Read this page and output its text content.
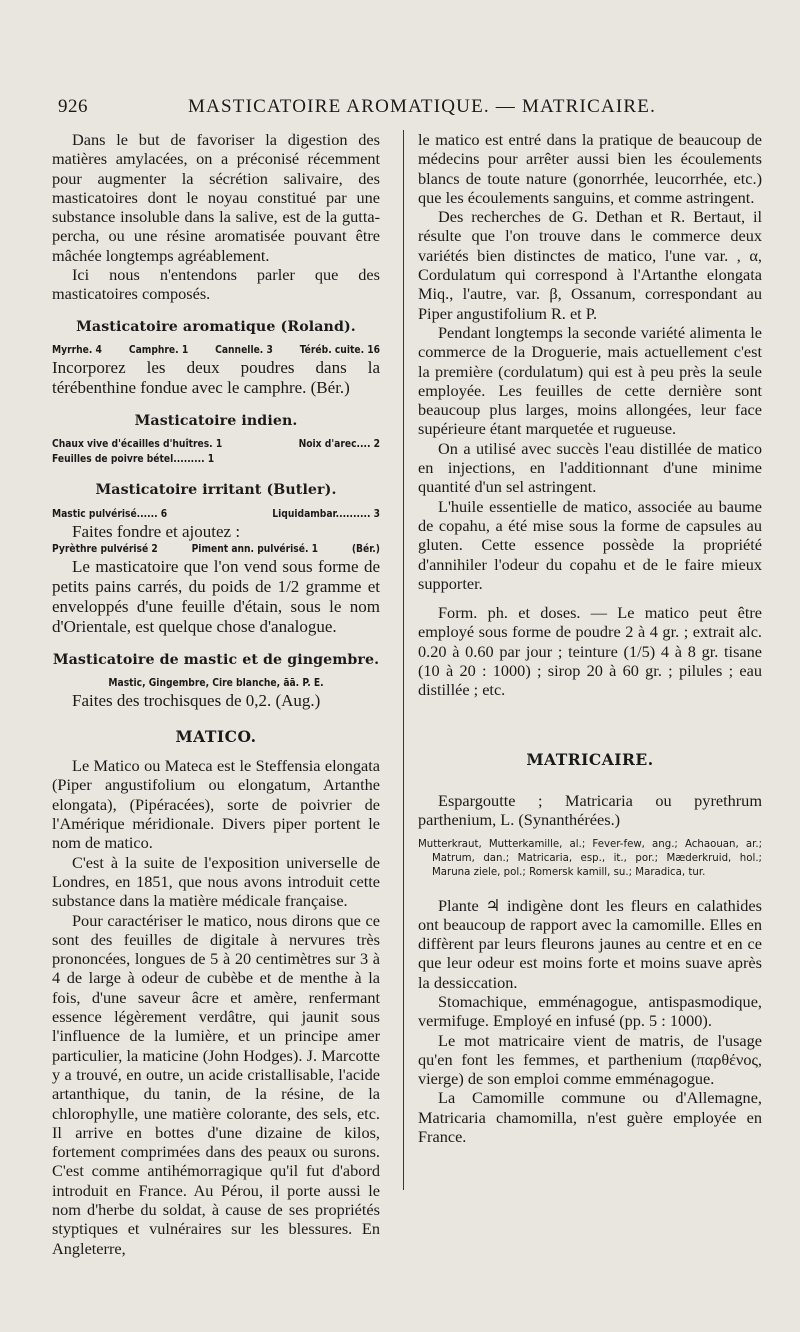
926	MASTICATOIRE AROMATIQUE. — MATRICAIRE.

Dans le but de favoriser la digestion des matières amylacées, on a préconisé récemment pour augmenter la sécrétion salivaire, des masticatoires dont le noyau constitué par une substance insoluble dans la salive, est de la gutta-percha, ou une résine aromatisée pouvant être mâchée longtemps agréablement.

Ici nous n'entendons parler que des masticatoires composés.

Masticatoire aromatique (Roland).
Myrrhe. 4	Camphre. 1	Cannelle. 3	Téréb. cuite. 16

Incorporez les deux poudres dans la térébenthine fondue avec le camphre. (Bér.)

Masticatoire indien.
Chaux vive d'écailles d'huîtres. 1	Noix d'arec.... 2
Feuilles de poivre bétel......... 1
Masticatoire irritant (Butler).
Mastic pulvérisé...... 6	Liquidambar.......... 3

Faites fondre et ajoutez :

Pyrèthre pulvérisé 2	Piment ann. pulvérisé. 1	(Bér.)

Le masticatoire que l'on vend sous forme de petits pains carrés, du poids de 1/2 gramme et enveloppés d'une feuille d'étain, sous le nom d'Orientale, est quelque chose d'analogue.

Masticatoire de mastic et de gingembre.
Mastic, Gingembre, Cire blanche, āā. P. E.

Faites des trochisques de 0,2. (Aug.)

MATICO.

Le Matico ou Mateca est le Steffensia elongata (Piper angustifolium ou elongatum, Artanthe elongata), (Pipéracées), sorte de poivrier de l'Amérique méridionale. Divers piper portent le nom de matico.

C'est à la suite de l'exposition universelle de Londres, en 1851, que nous avons introduit cette substance dans la matière médicale française.

Pour caractériser le matico, nous dirons que ce sont des feuilles de digitale à nervures très prononcées, longues de 5 à 20 centimètres sur 3 à 4 de large à odeur de cubèbe et de menthe à la fois, d'une saveur âcre et amère, renfermant essence légèrement verdâtre, qui jaunit sous l'influence de la lumière, et un principe amer particulier, la maticine (John Hodges). J. Marcotte y a trouvé, en outre, un acide cristallisable, l'acide artanthique, du tanin, de la résine, de la chlorophylle, une matière colorante, des sels, etc. Il arrive en bottes d'une dizaine de kilos, fortement comprimées dans des peaux ou surons. C'est comme antihémorragique qu'il fut d'abord introduit en France. Au Pérou, il porte aussi le nom d'herbe du soldat, à cause de ses propriétés styptiques et vulnéraires sur les blessures. En Angleterre,

le matico est entré dans la pratique de beaucoup de médecins pour arrêter aussi bien les écoulements blancs de toute nature (gonorrhée, leucorrhée, etc.) que les écoulements sanguins, et comme astringent.

Des recherches de G. Dethan et R. Bertaut, il résulte que l'on trouve dans le commerce deux variétés bien distinctes de matico, l'une var. , α, Cordulatum qui correspond à l'Artanthe elongata Miq., l'autre, var. β, Ossanum, correspondant au Piper angustifolium R. et P.

Pendant longtemps la seconde variété alimenta le commerce de la Droguerie, mais actuellement c'est la première (cordulatum) qui est à peu près la seule employée. Les feuilles de cette dernière sont beaucoup plus larges, moins allongées, leur face supérieure étant marquetée et rugueuse.

On a utilisé avec succès l'eau distillée de matico en injections, en l'additionnant d'une minime quantité d'un sel astringent.

L'huile essentielle de matico, associée au baume de copahu, a été mise sous la forme de capsules au gluten. Cette essence possède la propriété d'annihiler l'odeur du copahu et de le faire mieux supporter.

Form. ph. et doses. — Le matico peut être employé sous forme de poudre 2 à 4 gr. ; extrait alc. 0.20 à 0.60 par jour ; teinture (1/5) 4 à 8 gr. tisane (10 à 20 : 1000) ; sirop 20 à 60 gr. ; pilules ; eau distillée ; etc.

MATRICAIRE.

Espargoutte ; Matricaria ou pyrethrum parthenium, L. (Synanthérées.)

Mutterkraut, Mutterkamille, al.; Fever-few, ang.; Achaouan, ar.; Matrum, dan.; Matricaria, esp., it., por.; Mæderkruid, hol.; Maruna ziele, pol.; Romersk kamill, su.; Maradica, tur.

Plante ♃ indigène dont les fleurs en calathides ont beaucoup de rapport avec la camomille. Elles en diffèrent par leurs fleurons jaunes au centre et en ce que leur odeur est moins forte et moins suave après la dessiccation.

Stomachique, emménagogue, antispasmodique, vermifuge. Employé en infusé (pp. 5 : 1000).

Le mot matricaire vient de matris, de l'usage qu'en font les femmes, et parthenium (παρθένος, vierge) de son emploi comme emménagogue.

La Camomille commune ou d'Allemagne, Matricaria chamomilla, n'est guère employée en France.
